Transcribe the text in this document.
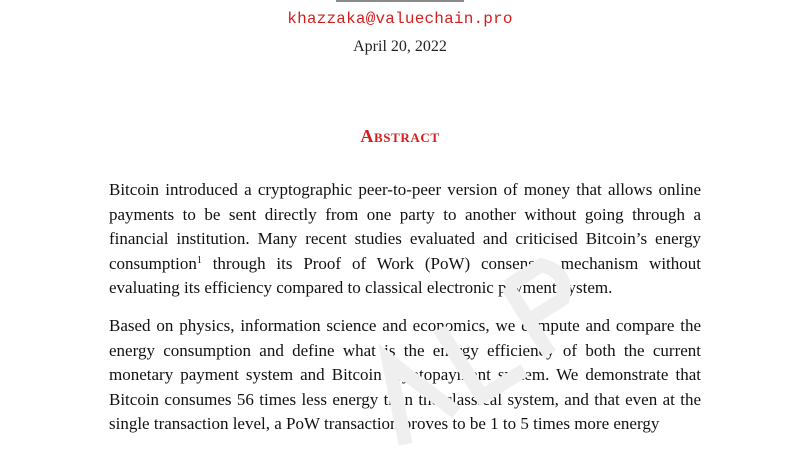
khazzaka@valuechain.pro
April 20, 2022
Abstract

Bitcoin introduced a cryptographic peer-to-peer version of money that allows online payments to be sent directly from one party to another without going through a financial institution. Many recent studies evaluated and criticised Bitcoin’s energy consumption$^1$ through its Proof of Work (PoW) consensus mechanism without evaluating its efficiency compared to classical electronic payment system.

Based on physics, information science and economics, we compute and compare the energy consumption and define what is the energy efficiency of both the current monetary payment system and Bitcoin cryptopayment system. We demonstrate that Bitcoin consumes 56 times less energy than the classical system, and that even at the single transaction level, a PoW transaction proves to be 1 to 5 times more energy
